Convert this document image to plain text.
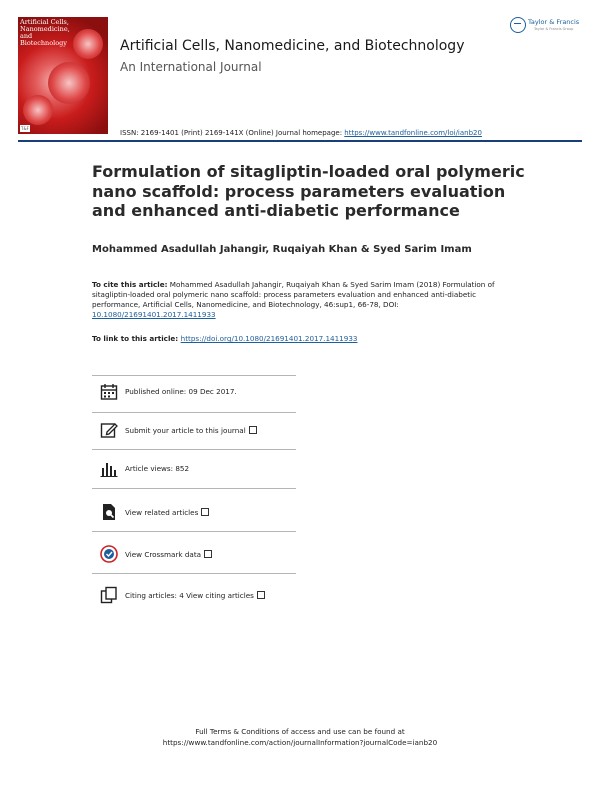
Artificial Cells, Nanomedicine, and Biotechnology
T&F
Artificial Cells, Nanomedicine, and Biotechnology
An International Journal
Taylor & Francis
Taylor & Francis Group
ISSN: 2169-1401 (Print) 2169-141X (Online) Journal homepage: https://www.tandfonline.com/loi/ianb20
Formulation of sitagliptin-loaded oral polymeric nano scaffold: process parameters evaluation and enhanced anti-diabetic performance
Mohammed Asadullah Jahangir, Ruqaiyah Khan & Syed Sarim Imam
To cite this article: Mohammed Asadullah Jahangir, Ruqaiyah Khan & Syed Sarim Imam (2018) Formulation of sitagliptin-loaded oral polymeric nano scaffold: process parameters evaluation and enhanced anti-diabetic performance, Artificial Cells, Nanomedicine, and Biotechnology, 46:sup1, 66-78, DOI: 10.1080/21691401.2017.1411933
To link to this article: https://doi.org/10.1080/21691401.2017.1411933
Published online: 09 Dec 2017.
Submit your article to this journal
Article views: 852
View related articles
View Crossmark data
Citing articles: 4 View citing articles
Full Terms & Conditions of access and use can be found at
https://www.tandfonline.com/action/journalInformation?journalCode=ianb20
